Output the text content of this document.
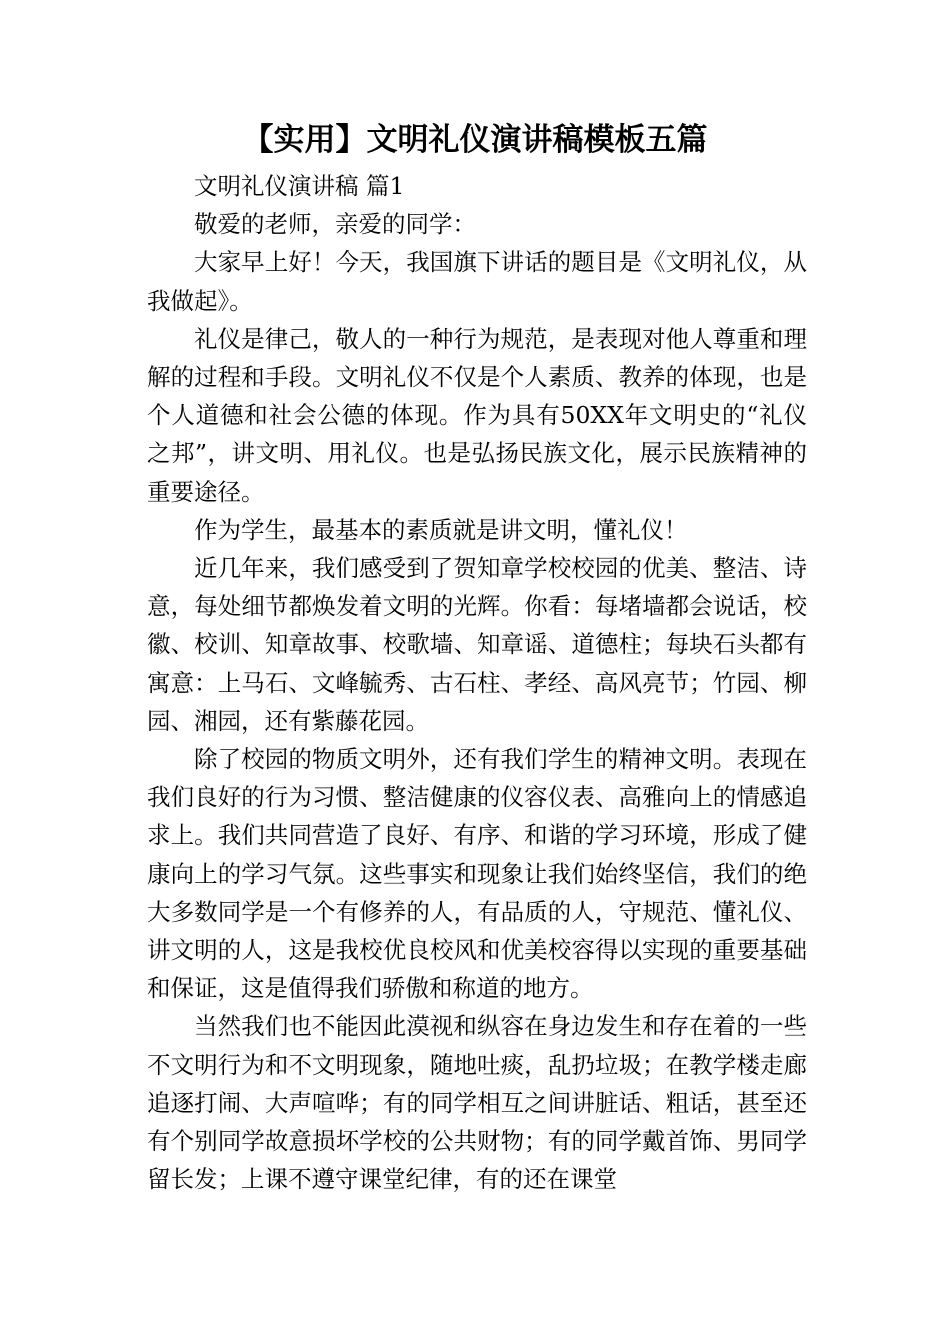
【实用】文明礼仪演讲稿模板五篇

文明礼仪演讲稿 篇1

敬爱的老师，亲爱的同学：

大家早上好！今天，我国旗下讲话的题目是《文明礼仪，从我做起》。

礼仪是律己，敬人的一种行为规范，是表现对他人尊重和理解的过程和手段。文明礼仪不仅是个人素质、教养的体现，也是个人道德和社会公德的体现。作为具有50XX年文明史的“礼仪之邦”，讲文明、用礼仪。也是弘扬民族文化，展示民族精神的重要途径。

作为学生，最基本的素质就是讲文明，懂礼仪！

近几年来，我们感受到了贺知章学校校园的优美、整洁、诗意，每处细节都焕发着文明的光辉。你看：每堵墙都会说话，校徽、校训、知章故事、校歌墙、知章谣、道德柱；每块石头都有寓意：上马石、文峰毓秀、古石柱、孝经、高风亮节；竹园、柳园、湘园，还有紫藤花园。

除了校园的物质文明外，还有我们学生的精神文明。表现在我们良好的行为习惯、整洁健康的仪容仪表、高雅向上的情感追求上。我们共同营造了良好、有序、和谐的学习环境，形成了健康向上的学习气氛。这些事实和现象让我们始终坚信，我们的绝大多数同学是一个有修养的人，有品质的人，守规范、懂礼仪、讲文明的人，这是我校优良校风和优美校容得以实现的重要基础和保证，这是值得我们骄傲和称道的地方。

当然我们也不能因此漠视和纵容在身边发生和存在着的一些不文明行为和不文明现象，随地吐痰，乱扔垃圾；在教学楼走廊追逐打闹、大声喧哗；有的同学相互之间讲脏话、粗话，甚至还有个别同学故意损坏学校的公共财物；有的同学戴首饰、男同学留长发；上课不遵守课堂纪律，有的还在课堂
